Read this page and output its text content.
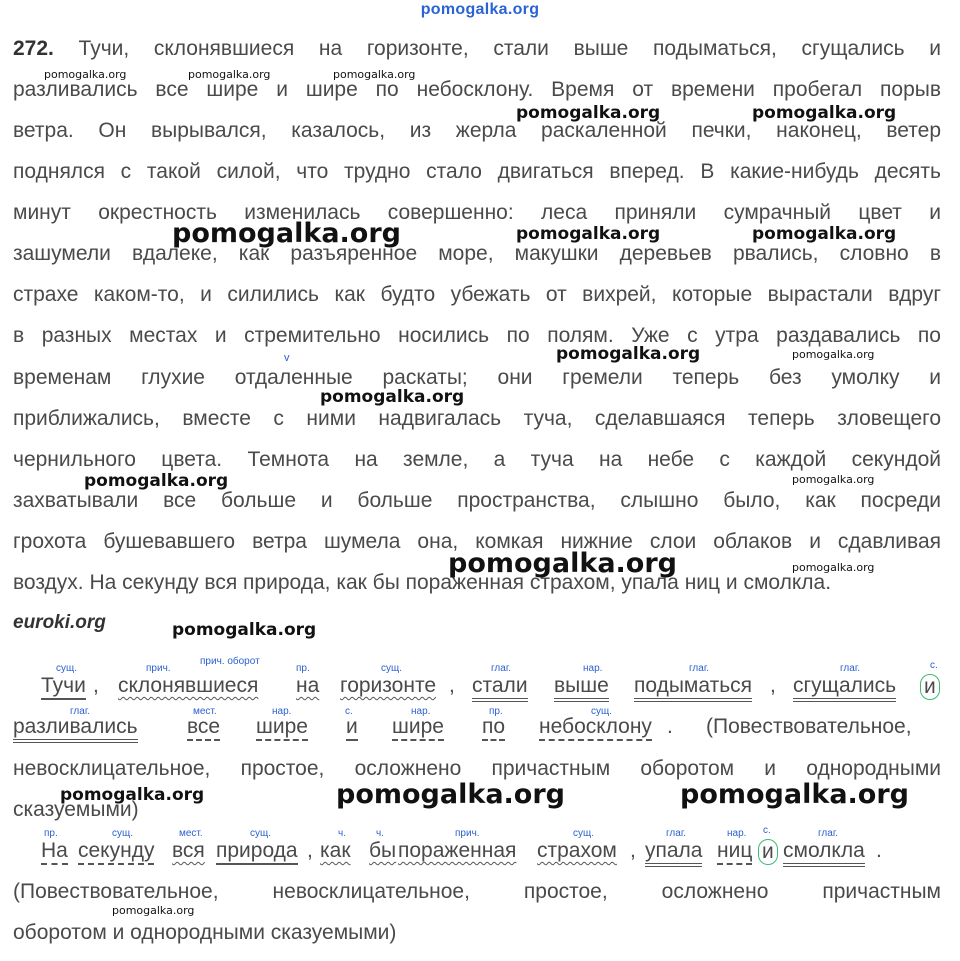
pomogalka.org
272. Тучи, склонявшиеся на горизонте, стали выше подыматься, сгущались и
разливались все шире и шире по небосклону. Время от времени пробегал порыв
ветра. Он вырывался, казалось, из жерла раскаленной печки, наконец, ветер
поднялся с такой силой, что трудно стало двигаться вперед. В какие-нибудь десять
минут окрестность изменилась совершенно: леса приняли сумрачный цвет и
зашумели вдалеке, как разъяренное море, макушки деревьев рвались, словно в
страхе каком-то, и силились как будто убежать от вихрей, которые вырастали вдруг
в разных местах и стремительно носились по полям. Уже с утра раздавались по
временам глухие отдаленные раскаты; они гремели теперь без умолку и
приближались, вместе с ними надвигалась туча, сделавшаяся теперь зловещего
чернильного цвета. Темнота на земле, а туча на небе с каждой секундой
захватывали все больше и больше пространства, слышно было, как посреди
грохота бушевавшего ветра шумела она, комкая нижние слои облаков и сдавливая
воздух. На секунду вся природа, как бы пораженная страхом, упала ниц и смолкла.
v
pomogalka.org	pomogalka.org	pomogalka.org
pomogalka.org	pomogalka.org
pomogalka.org	pomogalka.org	pomogalka.org
pomogalka.org	pomogalka.org
pomogalka.org
pomogalka.org	pomogalka.org
pomogalka.org	pomogalka.org
euroki.org	pomogalka.org
сущ.	прич.
прич. оборот
пр.	сущ.	глаг.	нар.	глаг.	глаг.	с.
Тучи , склонявшиеся на горизонте , стали выше подыматься , сгущались и
глаг.	мест.	нар.	с.	нар.	пр.	сущ.
разливались все шире и шире по небосклону . (Повествовательное,
невосклицательное, простое, осложнено причастным оборотом и однородными
сказуемыми)
pomogalka.org	pomogalka.org	pomogalka.org
пр.	сущ.	мест.	сущ.	ч.	ч.	прич.	сущ.	глаг.	нар. с.	глаг.
На секунду вся природа , как бы пораженная страхом , упала ниц и смолкла .
(Повествовательное, невосклицательное, простое, осложнено причастным
оборотом и однородными сказуемыми)
pomogalka.org
